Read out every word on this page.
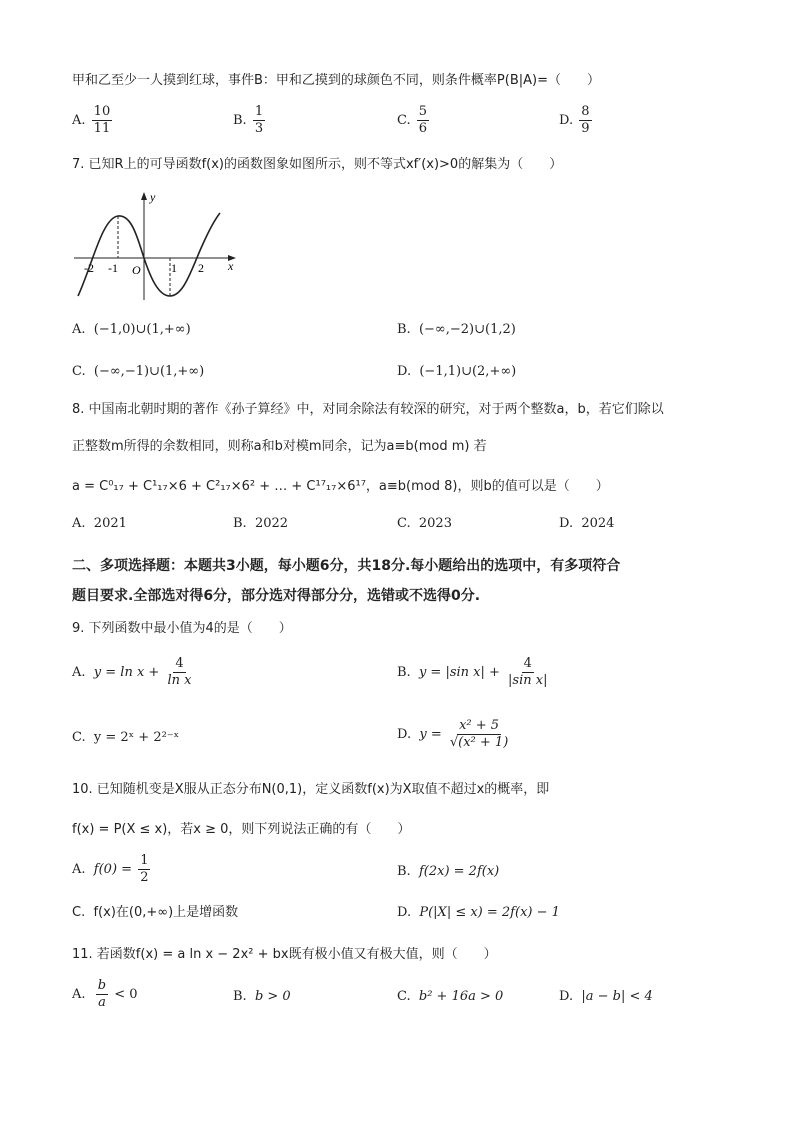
甲和乙至少一人摸到红球，事件B：甲和乙摸到的球颜色不同，则条件概率P(B|A)=（　　）
A. $\frac{10}{11}$	B. $\frac{1}{3}$	C. $\frac{5}{6}$	D. $\frac{8}{9}$
7. 已知R上的可导函数f(x)的函数图象如图所示，则不等式xf′(x)>0的解集为（　　）
y
x
O
-2 -1	1 2
A. (−1,0)∪(1,+∞)	B. (−∞,−2)∪(1,2)
C. (−∞,−1)∪(1,+∞)	D. (−1,1)∪(2,+∞)
8. 中国南北朝时期的著作《孙子算经》中，对同余除法有较深的研究，对于两个整数a，b，若它们除以
正整数m所得的余数相同，则称a和b对模m同余，记为a≡b(mod m) 若
a = C⁰₁₇ + C¹₁₇×6 + C²₁₇×6² + … + C¹⁷₁₇×6¹⁷，a≡b(mod 8)，则b的值可以是（　　）
A. 2021	B. 2022	C. 2023	D. 2024
二、多项选择题：本题共3小题，每小题6分，共18分.每小题给出的选项中，有多项符合
题目要求.全部选对得6分，部分选对得部分分，选错或不选得0分.
9. 下列函数中最小值为4的是（　　）
A. $y = \ln x + \frac{4}{\text{ln x}}$	B. y = |sin $x| + \frac{4}{\text{|sin x|}}$
C. y = 2ˣ + 2²⁻ˣ	D. $y = \frac{\text{x² + 5}}{\text{√(x² + 1)}}$
10. 已知随机变是X服从正态分布N(0,1)，定义函数f(x)为X取值不超过x的概率，即
f(x) = P(X ≤ x)，若x ≥ 0，则下列说法正确的有（　　）
A. $f(0) = \frac{1}{2}$	B. f(2x) = 2f(x)
C. f(x)在(0,+∞)上是增函数	D. P(|X| ≤ x) = 2f(x) − 1
11. 若函数f(x) = a ln x − 2x² + bx既有极小值又有极大值，则（　　）
A. $\frac{b}{a} < 0$	B. b > 0	C. b² + 16a > 0	D. |a − b| < 4
